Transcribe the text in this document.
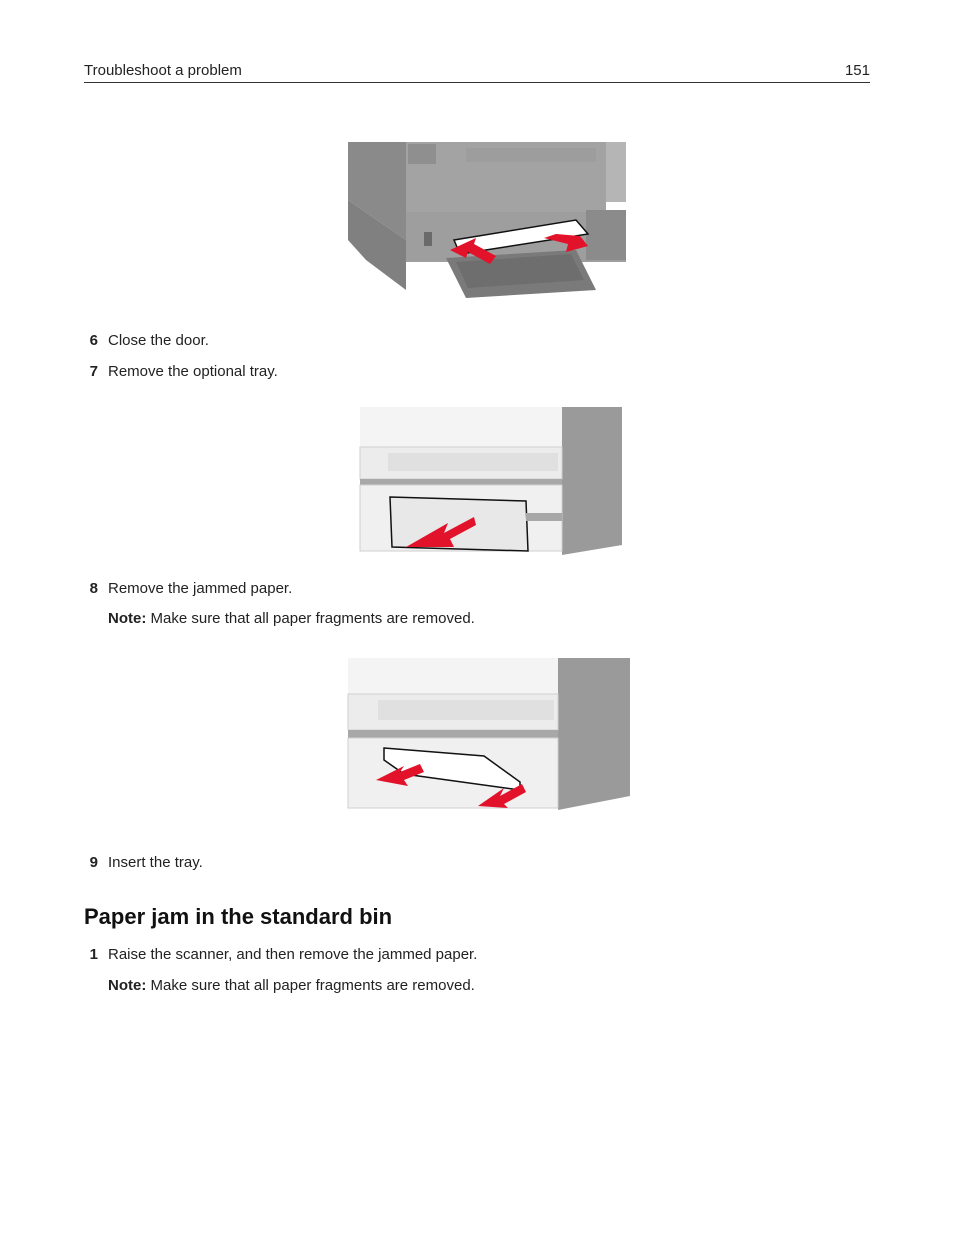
Troubleshoot a problem	151
6 Close the door.
7 Remove the optional tray.
8 Remove the jammed paper.
Note: Make sure that all paper fragments are removed.
9 Insert the tray.
Paper jam in the standard bin
1 Raise the scanner, and then remove the jammed paper.
Note: Make sure that all paper fragments are removed.
